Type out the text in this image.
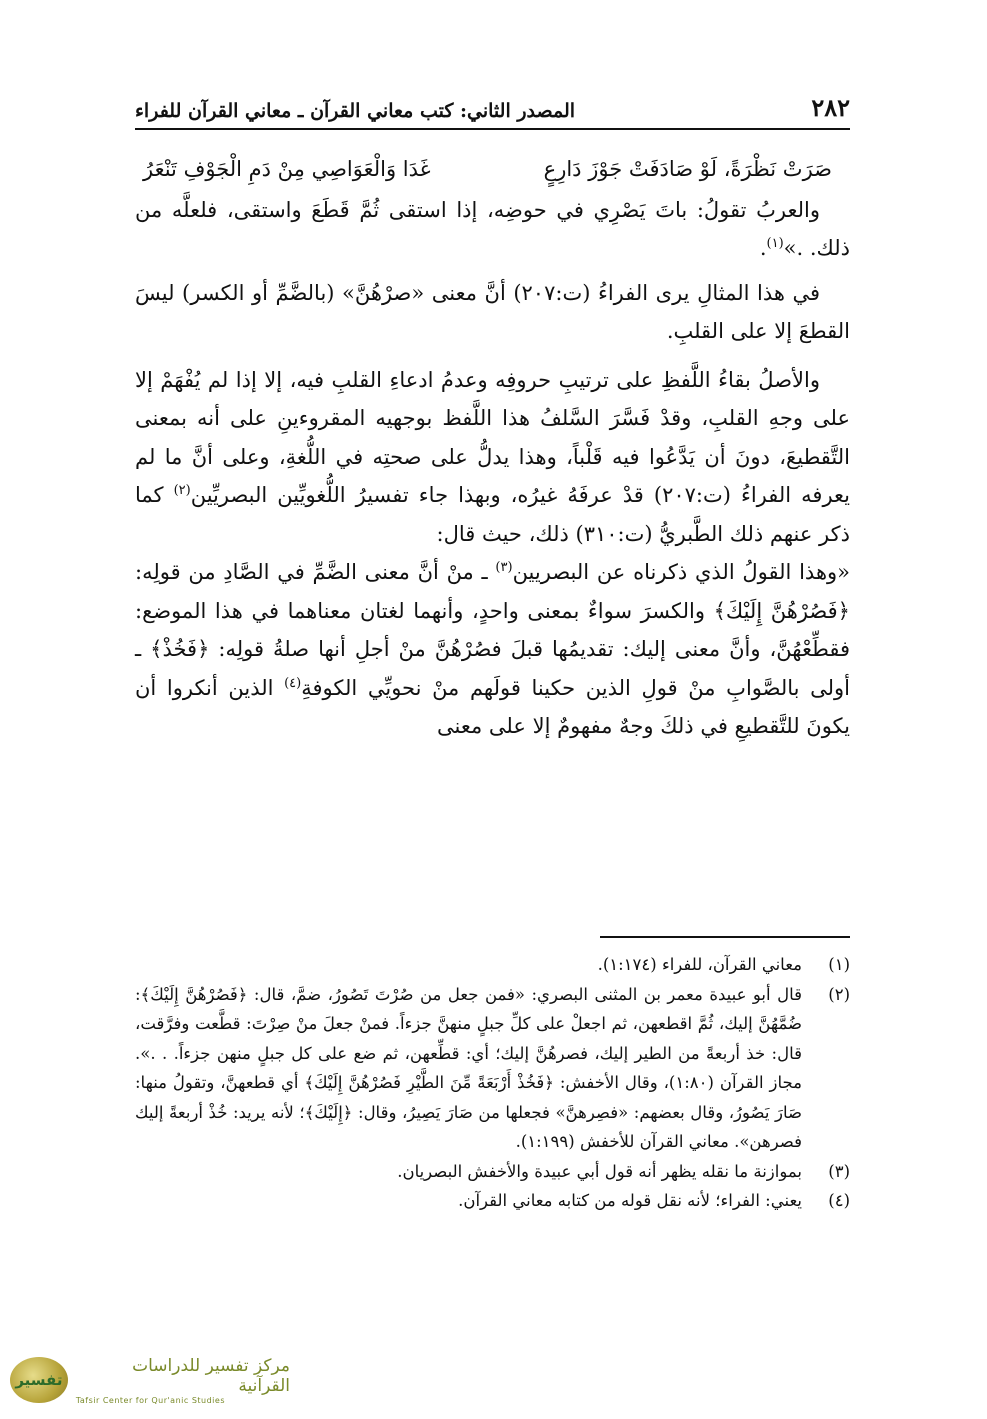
٢٨٢
المصدر الثاني: كتب معاني القرآن ـ معاني القرآن للفراء
صَرَتْ نَظْرَةً، لَوْ صَادَفَتْ جَوْزَ دَارِعٍ
غَدَا وَالْعَوَاصِي مِنْ دَمِ الْجَوْفِ تَنْعَرُ

والعربُ تقولُ: باتَ يَصْرِي في حوضِه، إذا استقى ثُمَّ قَطَعَ واستقى، فلعلَّه من ذلك. .»$^{(١)}$.

في هذا المثالِ يرى الفراءُ (ت:٢٠٧) أنَّ معنى «صرْهُنَّ» (بالضَّمِّ أو الكسر) ليسَ القطعَ إلا على القلبِ.

والأصلُ بقاءُ اللَّفظِ على ترتيبِ حروفِه وعدمُ ادعاءِ القلبِ فيه، إلا إذا لم يُفْهَمْ إلا على وجهِ القلبِ، وقدْ فَسَّرَ السَّلفُ هذا اللَّفظ بوجهيه المقروءينِ على أنه بمعنى التَّقطيعَ، دونَ أن يَدَّعُوا فيه قَلْباً، وهذا يدلُّ على صحتِه في اللُّغةِ، وعلى أنَّ ما لم يعرفه الفراءُ (ت:٢٠٧) قدْ عرفَهُ غيرُه، وبهذا جاء تفسيرُ اللُّغويِّين البصريِّين$^{(٢)}$ كما ذكر عنهم ذلك الطَّبريُّ (ت:٣١٠) ذلك، حيث قال:
«وهذا القولُ الذي ذكرناه عن البصريين$^{(٣)}$ ـ منْ أنَّ معنى الضَّمِّ في الصَّادِ من قولِه: ﴿فَصُرْهُنَّ إِلَيْكَ﴾ والكسرَ سواءٌ بمعنى واحدٍ، وأنهما لغتان معناهما في هذا الموضع: فقطِّعْهُنَّ، وأنَّ معنى إليك: تقديمُها قبلَ فصُرْهُنَّ منْ أجلِ أنها صلةُ قولِه: ﴿فَخُذْ﴾ ـ أولى بالصَّوابِ منْ قولِ الذين حكينا قولَهم منْ نحويِّي الكوفةِ$^{(٤)}$ الذين أنكروا أن يكونَ للتَّقطيعِ في ذلكَ وجهٌ مفهومٌ إلا على معنى

(١)
معاني القرآن، للفراء (١:١٧٤).
(٢)
قال أبو عبيدة معمر بن المثنى البصري: «فمن جعل من صُرْتَ تَصُورُ، ضمَّ، قال: ﴿فَصُرْهُنَّ إِلَيْكَ﴾: ضُمَّهُنَّ إليك، ثُمَّ اقطعهن، ثم اجعلْ على كلِّ جبلٍ منهنَّ جزءاً. فمنْ جعلَ منْ صِرْتَ: قطَّعت وفرَّقت، قال: خذ أربعةً من الطير إليك، فصرهُنَّ إليك؛ أي: قطِّعهن، ثم ضع على كل جبلٍ منهن جزءاً. . .». مجاز القرآن (١:٨٠)، وقال الأخفش: ﴿فَخُذْ أَرْبَعَةً مِّنَ الطَّيْرِ فَصُرْهُنَّ إِلَيْكَ﴾ أي قطعهنَّ، وتقولُ منها: صَارَ يَصُورُ، وقال بعضهم: «فصِرهنَّ» فجعلها من صَارَ يَصِيرُ، وقال: ﴿إِلَيْكَ﴾؛ لأنه يريد: خُذْ أربعةً إليك فصرهن». معاني القرآن للأخفش (١:١٩٩).
(٣)
بموازنة ما نقله يظهر أنه قول أبي عبيدة والأخفش البصريان.
(٤)
يعني: الفراء؛ لأنه نقل قوله من كتابه معاني القرآن.
تفسير
مركز تفسير للدراسات القرآنية
Tafsir Center for Qur'anic Studies
